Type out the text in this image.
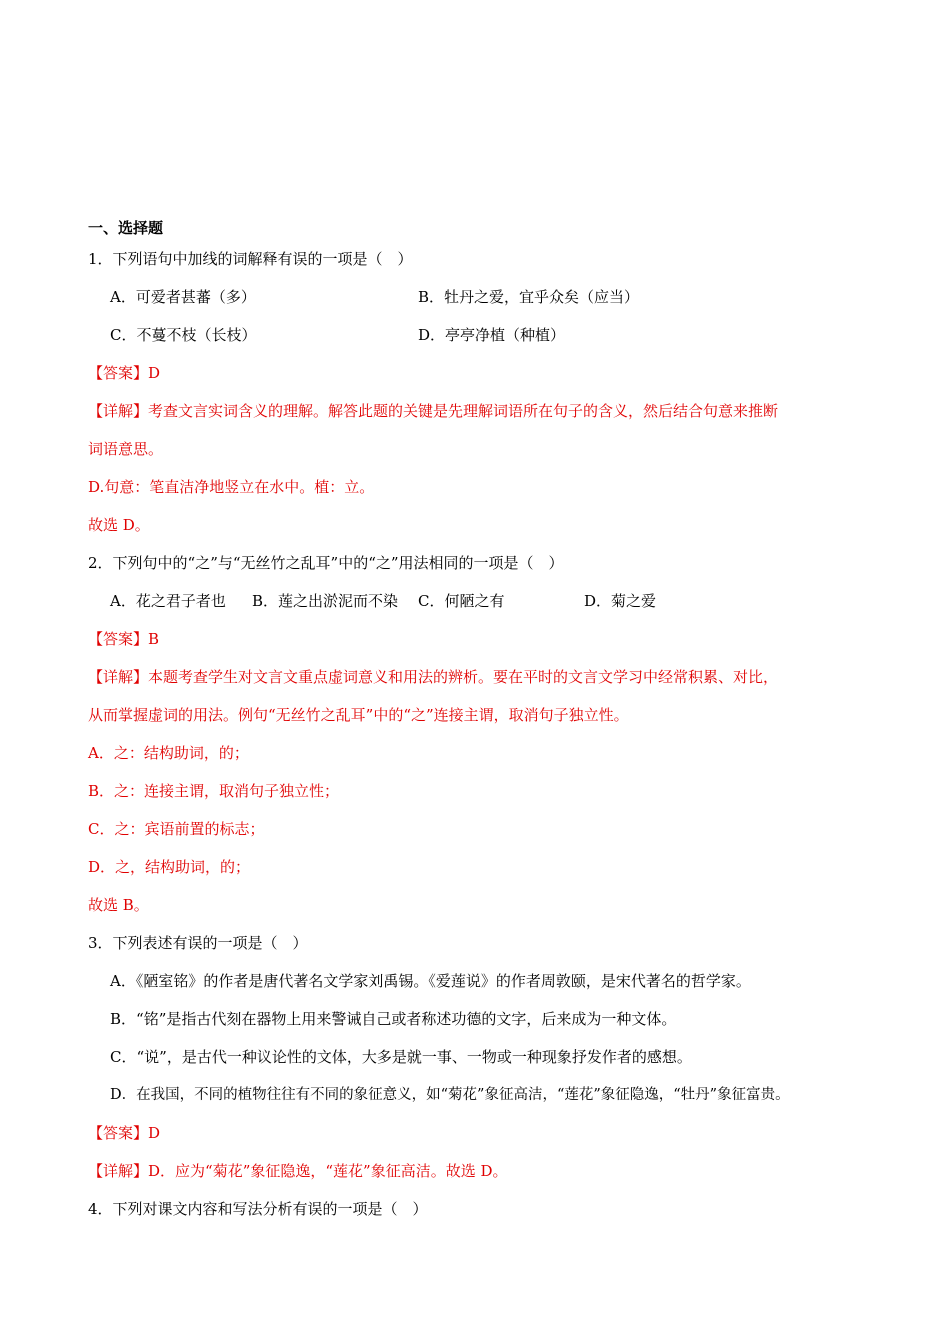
一、选择题
1．下列语句中加线的词解释有误的一项是（　）
A．可爱者甚蕃（多）	B．牡丹之爱，宜乎众矣（应当）
C．不蔓不枝（长枝）	D．亭亭净植（种植）
【答案】D
【详解】考查文言实词含义的理解。解答此题的关键是先理解词语所在句子的含义，然后结合句意来推断
词语意思。
D.句意：笔直洁净地竖立在水中。植：立。
故选 D。
2．下列句中的“之”与“无丝竹之乱耳”中的“之”用法相同的一项是（　）
A．花之君子者也 B．莲之出淤泥而不染 C．何陋之有	D．菊之爱
【答案】B
【详解】本题考查学生对文言文重点虚词意义和用法的辨析。要在平时的文言文学习中经常积累、对比，
从而掌握虚词的用法。例句“无丝竹之乱耳”中的“之”连接主谓，取消句子独立性。
A．之：结构助词，的；
B．之：连接主谓，取消句子独立性；
C．之：宾语前置的标志；
D．之，结构助词，的；
故选 B。
3．下列表述有误的一项是（　）
A．《陋室铭》的作者是唐代著名文学家刘禹锡。《爱莲说》的作者周敦颐，是宋代著名的哲学家。
B．“铭”是指古代刻在器物上用来警诫自己或者称述功德的文字，后来成为一种文体。
C．“说”，是古代一种议论性的文体，大多是就一事、一物或一种现象抒发作者的感想。
D．在我国，不同的植物往往有不同的象征意义，如“菊花”象征高洁，“莲花”象征隐逸，“牡丹”象征富贵。
【答案】D
【详解】D．应为“菊花”象征隐逸，“莲花”象征高洁。故选 D。
4．下列对课文内容和写法分析有误的一项是（　）
